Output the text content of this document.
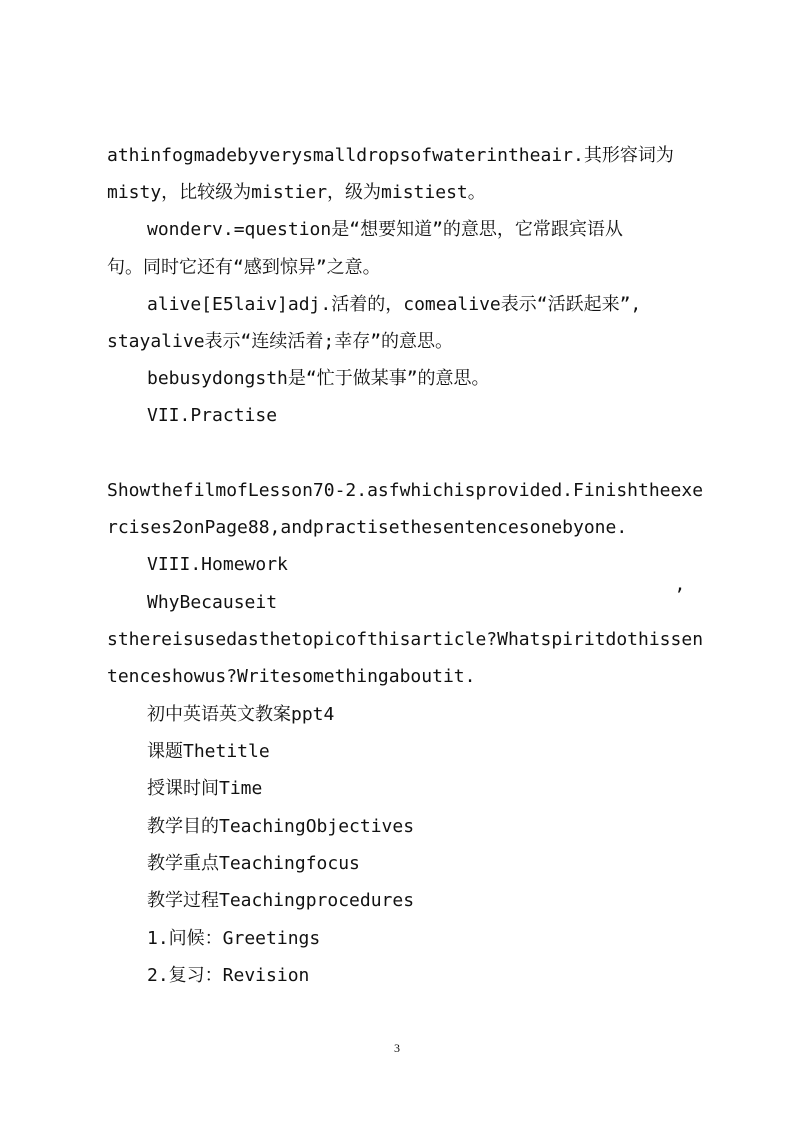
athinfogmadebyverysmalldropsofwaterintheair.其形容词为
misty，比较级为mistier，级为mistiest。
wonderv.=question是“想要知道”的意思，它常跟宾语从
句。同时它还有“感到惊异”之意。
alive[E5laiv]adj.活着的，comealive表示“活跃起来”,
stayalive表示“连续活着;幸存”的意思。
bebusydongsth是“忙于做某事”的意思。
VII.Practise
ShowthefilmofLesson70-2.asfwhichisprovided.Finishtheexe
rcises2onPage88,andpractisethesentencesonebyone.
VIII.Homework
WhyBecauseit	’
sthereisusedasthetopicofthisarticle?Whatspiritdothissen
tenceshowus?Writesomethingaboutit.
初中英语英文教案ppt4
课题Thetitle
授课时间Time
教学目的TeachingObjectives
教学重点Teachingfocus
教学过程Teachingprocedures
1.问候：Greetings
2.复习：Revision
3
